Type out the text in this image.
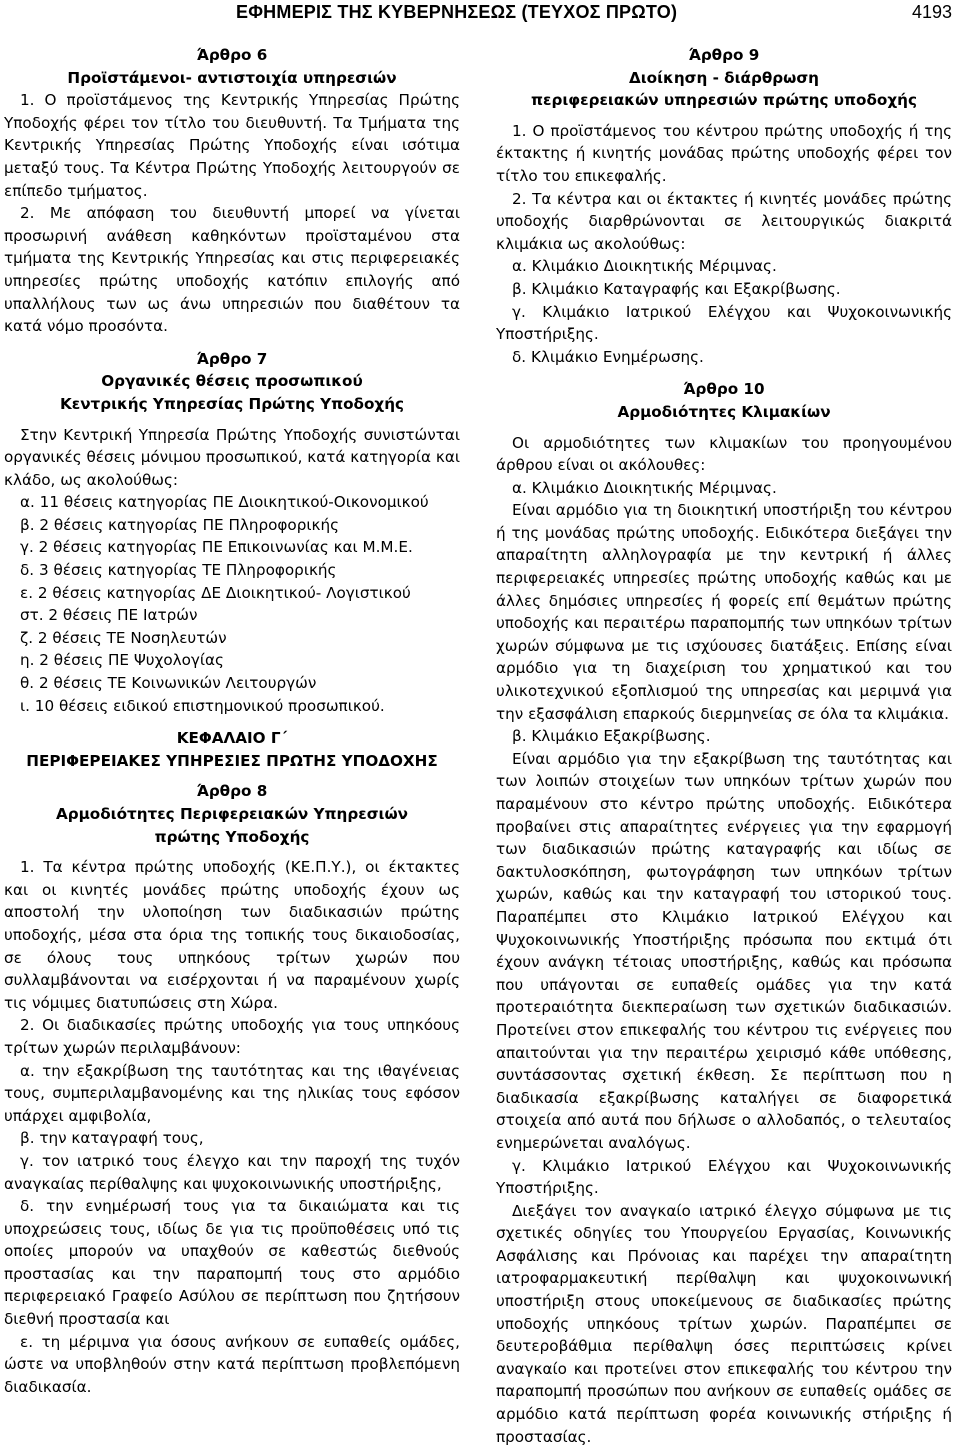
ΕΦΗΜΕΡΙΣ ΤΗΣ ΚΥΒΕΡΝΗΣΕΩΣ (ΤΕΥΧΟΣ ΠΡΩΤΟ)	4193
Άρθρο 6
Προϊστάμενοι- αντιστοιχία υπηρεσιών

1. Ο προϊστάμενος της Κεντρικής Υπηρεσίας Πρώτης Υποδοχής φέρει τον τίτλο του διευθυντή. Τα Τμήματα της Κεντρικής Υπηρεσίας Πρώτης Υποδοχής είναι ισότιμα μεταξύ τους. Τα Κέντρα Πρώτης Υποδοχής λειτουργούν σε επίπεδο τμήματος.

2. Με απόφαση του διευθυντή μπορεί να γίνεται προσωρινή ανάθεση καθηκόντων προϊσταμένου στα τμήματα της Κεντρικής Υπηρεσίας και στις περιφερειακές υπηρεσίες πρώτης υποδοχής κατόπιν επιλογής από υπαλλήλους των ως άνω υπηρεσιών που διαθέτουν τα κατά νόμο προσόντα.

Άρθρο 7
Οργανικές θέσεις προσωπικού
Κεντρικής Υπηρεσίας Πρώτης Υποδοχής

Στην Κεντρική Υπηρεσία Πρώτης Υποδοχής συνιστώνται οργανικές θέσεις μόνιμου προσωπικού, κατά κατηγορία και κλάδο, ως ακολούθως:

α. 11 θέσεις κατηγορίας ΠΕ Διοικητικού-Οικονομικού

β. 2 θέσεις κατηγορίας ΠΕ Πληροφορικής

γ. 2 θέσεις κατηγορίας ΠΕ Επικοινωνίας και Μ.Μ.Ε.

δ. 3 θέσεις κατηγορίας ΤΕ Πληροφορικής

ε. 2 θέσεις κατηγορίας ΔΕ Διοικητικού- Λογιστικού

στ. 2 θέσεις ΠΕ Ιατρών

ζ. 2 θέσεις ΤΕ Νοσηλευτών

η. 2 θέσεις ΠΕ Ψυχολογίας

θ. 2 θέσεις ΤΕ Κοινωνικών Λειτουργών

ι. 10 θέσεις ειδικού επιστημονικού προσωπικού.

ΚΕΦΑΛΑΙΟ Γ΄
ΠΕΡΙΦΕΡΕΙΑΚΕΣ ΥΠΗΡΕΣΙΕΣ ΠΡΩΤΗΣ ΥΠΟΔΟΧΗΣ
Άρθρο 8
Αρμοδιότητες Περιφερειακών Υπηρεσιών
πρώτης Υποδοχής

1. Τα κέντρα πρώτης υποδοχής (ΚΕ.Π.Υ.), οι έκτακτες και οι κινητές μονάδες πρώτης υποδοχής έχουν ως αποστολή την υλοποίηση των διαδικασιών πρώτης υποδοχής, μέσα στα όρια της τοπικής τους δικαιοδοσίας, σε όλους τους υπηκόους τρίτων χωρών που συλλαμβάνονται να εισέρχονται ή να παραμένουν χωρίς τις νόμιμες διατυπώσεις στη Χώρα.

2. Οι διαδικασίες πρώτης υποδοχής για τους υπηκόους τρίτων χωρών περιλαμβάνουν:

α. την εξακρίβωση της ταυτότητας και της ιθαγένειας τους, συμπεριλαμβανομένης και της ηλικίας τους εφόσον υπάρχει αμφιβολία,

β. την καταγραφή τους,

γ. τον ιατρικό τους έλεγχο και την παροχή της τυχόν αναγκαίας περίθαλψης και ψυχοκοινωνικής υποστήριξης,

δ. την ενημέρωσή τους για τα δικαιώματα και τις υποχρεώσεις τους, ιδίως δε για τις προϋποθέσεις υπό τις οποίες μπορούν να υπαχθούν σε καθεστώς διεθνούς προστασίας και την παραπομπή τους στο αρμόδιο περιφερειακό Γραφείο Ασύλου σε περίπτωση που ζητήσουν διεθνή προστασία και

ε. τη μέριμνα για όσους ανήκουν σε ευπαθείς ομάδες, ώστε να υποβληθούν στην κατά περίπτωση προβλεπόμενη διαδικασία.

Άρθρο 9
Διοίκηση - διάρθρωση
περιφερειακών υπηρεσιών πρώτης υποδοχής

1. Ο προϊστάμενος του κέντρου πρώτης υποδοχής ή της έκτακτης ή κινητής μονάδας πρώτης υποδοχής φέρει τον τίτλο του επικεφαλής.

2. Τα κέντρα και οι έκτακτες ή κινητές μονάδες πρώτης υποδοχής διαρθρώνονται σε λειτουργικώς διακριτά κλιμάκια ως ακολούθως:

α. Κλιμάκιο Διοικητικής Μέριμνας.

β. Κλιμάκιο Καταγραφής και Εξακρίβωσης.

γ. Κλιμάκιο Ιατρικού Ελέγχου και Ψυχοκοινωνικής Υποστήριξης.

δ. Κλιμάκιο Ενημέρωσης.

Άρθρο 10
Αρμοδιότητες Κλιμακίων

Οι αρμοδιότητες των κλιμακίων του προηγουμένου άρθρου είναι οι ακόλουθες:

α. Κλιμάκιο Διοικητικής Μέριμνας.

Είναι αρμόδιο για τη διοικητική υποστήριξη του κέντρου ή της μονάδας πρώτης υποδοχής. Ειδικότερα διεξάγει την απαραίτητη αλληλογραφία με την κεντρική ή άλλες περιφερειακές υπηρεσίες πρώτης υποδοχής καθώς και με άλλες δημόσιες υπηρεσίες ή φορείς επί θεμάτων πρώτης υποδοχής και περαιτέρω παραπομπής των υπηκόων τρίτων χωρών σύμφωνα με τις ισχύουσες διατάξεις. Επίσης είναι αρμόδιο για τη διαχείριση του χρηματικού και του υλικοτεχνικού εξοπλισμού της υπηρεσίας και μεριμνά για την εξασφάλιση επαρκούς διερμηνείας σε όλα τα κλιμάκια.

β. Κλιμάκιο Εξακρίβωσης.

Είναι αρμόδιο για την εξακρίβωση της ταυτότητας και των λοιπών στοιχείων των υπηκόων τρίτων χωρών που παραμένουν στο κέντρο πρώτης υποδοχής. Ειδικότερα προβαίνει στις απαραίτητες ενέργειες για την εφαρμογή των διαδικασιών πρώτης καταγραφής και ιδίως σε δακτυλοσκόπηση, φωτογράφηση των υπηκόων τρίτων χωρών, καθώς και την καταγραφή του ιστορικού τους. Παραπέμπει στο Κλιμάκιο Ιατρικού Ελέγχου και Ψυχοκοινωνικής Υποστήριξης πρόσωπα που εκτιμά ότι έχουν ανάγκη τέτοιας υποστήριξης, καθώς και πρόσωπα που υπάγονται σε ευπαθείς ομάδες για την κατά προτεραιότητα διεκπεραίωση των σχετικών διαδικασιών. Προτείνει στον επικεφαλής του κέντρου τις ενέργειες που απαιτούνται για την περαιτέρω χειρισμό κάθε υπόθεσης, συντάσσοντας σχετική έκθεση. Σε περίπτωση που η διαδικασία εξακρίβωσης καταλήγει σε διαφορετικά στοιχεία από αυτά που δήλωσε ο αλλοδαπός, ο τελευταίος ενημερώνεται αναλόγως.

γ. Κλιμάκιο Ιατρικού Ελέγχου και Ψυχοκοινωνικής Υποστήριξης.

Διεξάγει τον αναγκαίο ιατρικό έλεγχο σύμφωνα με τις σχετικές οδηγίες του Υπουργείου Εργασίας, Κοινωνικής Ασφάλισης και Πρόνοιας και παρέχει την απαραίτητη ιατροφαρμακευτική περίθαλψη και ψυχοκοινωνική υποστήριξη στους υποκείμενους σε διαδικασίες πρώτης υποδοχής υπηκόους τρίτων χωρών. Παραπέμπει σε δευτεροβάθμια περίθαλψη όσες περιπτώσεις κρίνει αναγκαίο και προτείνει στον επικεφαλής του κέντρου την παραπομπή προσώπων που ανήκουν σε ευπαθείς ομάδες σε αρμόδιο κατά περίπτωση φορέα κοινωνικής στήριξης ή προστασίας.
